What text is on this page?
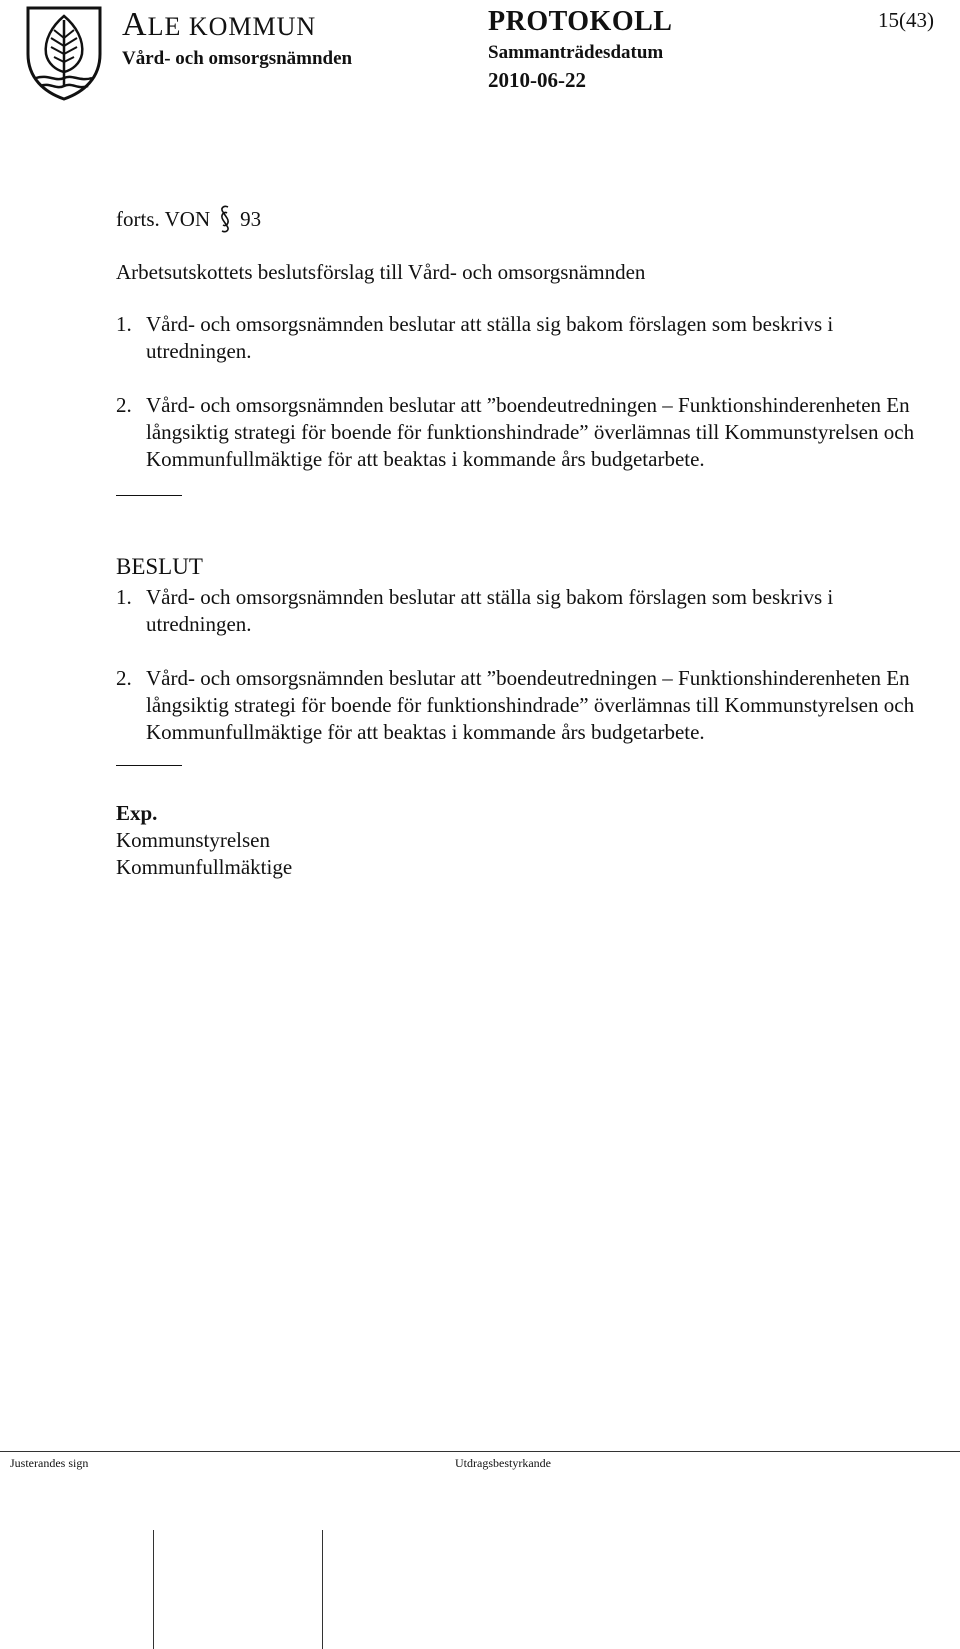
ALE KOMMUN
Vård- och omsorgsnämnden
PROTOKOLL
Sammanträdesdatum
2010-06-22
15(43)
forts. VON 93

Arbetsutskottets beslutsförslag till Vård- och omsorgsnämnden

1. Vård- och omsorgsnämnden beslutar att ställa sig bakom förslagen som beskrivs i utredningen.
2. Vård- och omsorgsnämnden beslutar att ”boendeutredningen – Funktionshinderenheten En långsiktig strategi för boende för funktionshindrade” överlämnas till Kommunstyrelsen och Kommunfullmäktige för att beaktas i kommande års budgetarbete.

BESLUT

1. Vård- och omsorgsnämnden beslutar att ställa sig bakom förslagen som beskrivs i utredningen.
2. Vård- och omsorgsnämnden beslutar att ”boendeutredningen – Funktionshinderenheten En långsiktig strategi för boende för funktionshindrade” överlämnas till Kommunstyrelsen och Kommunfullmäktige för att beaktas i kommande års budgetarbete.

Exp.

Kommunstyrelsen

Kommunfullmäktige

Justerandes sign	Utdragsbestyrkande
